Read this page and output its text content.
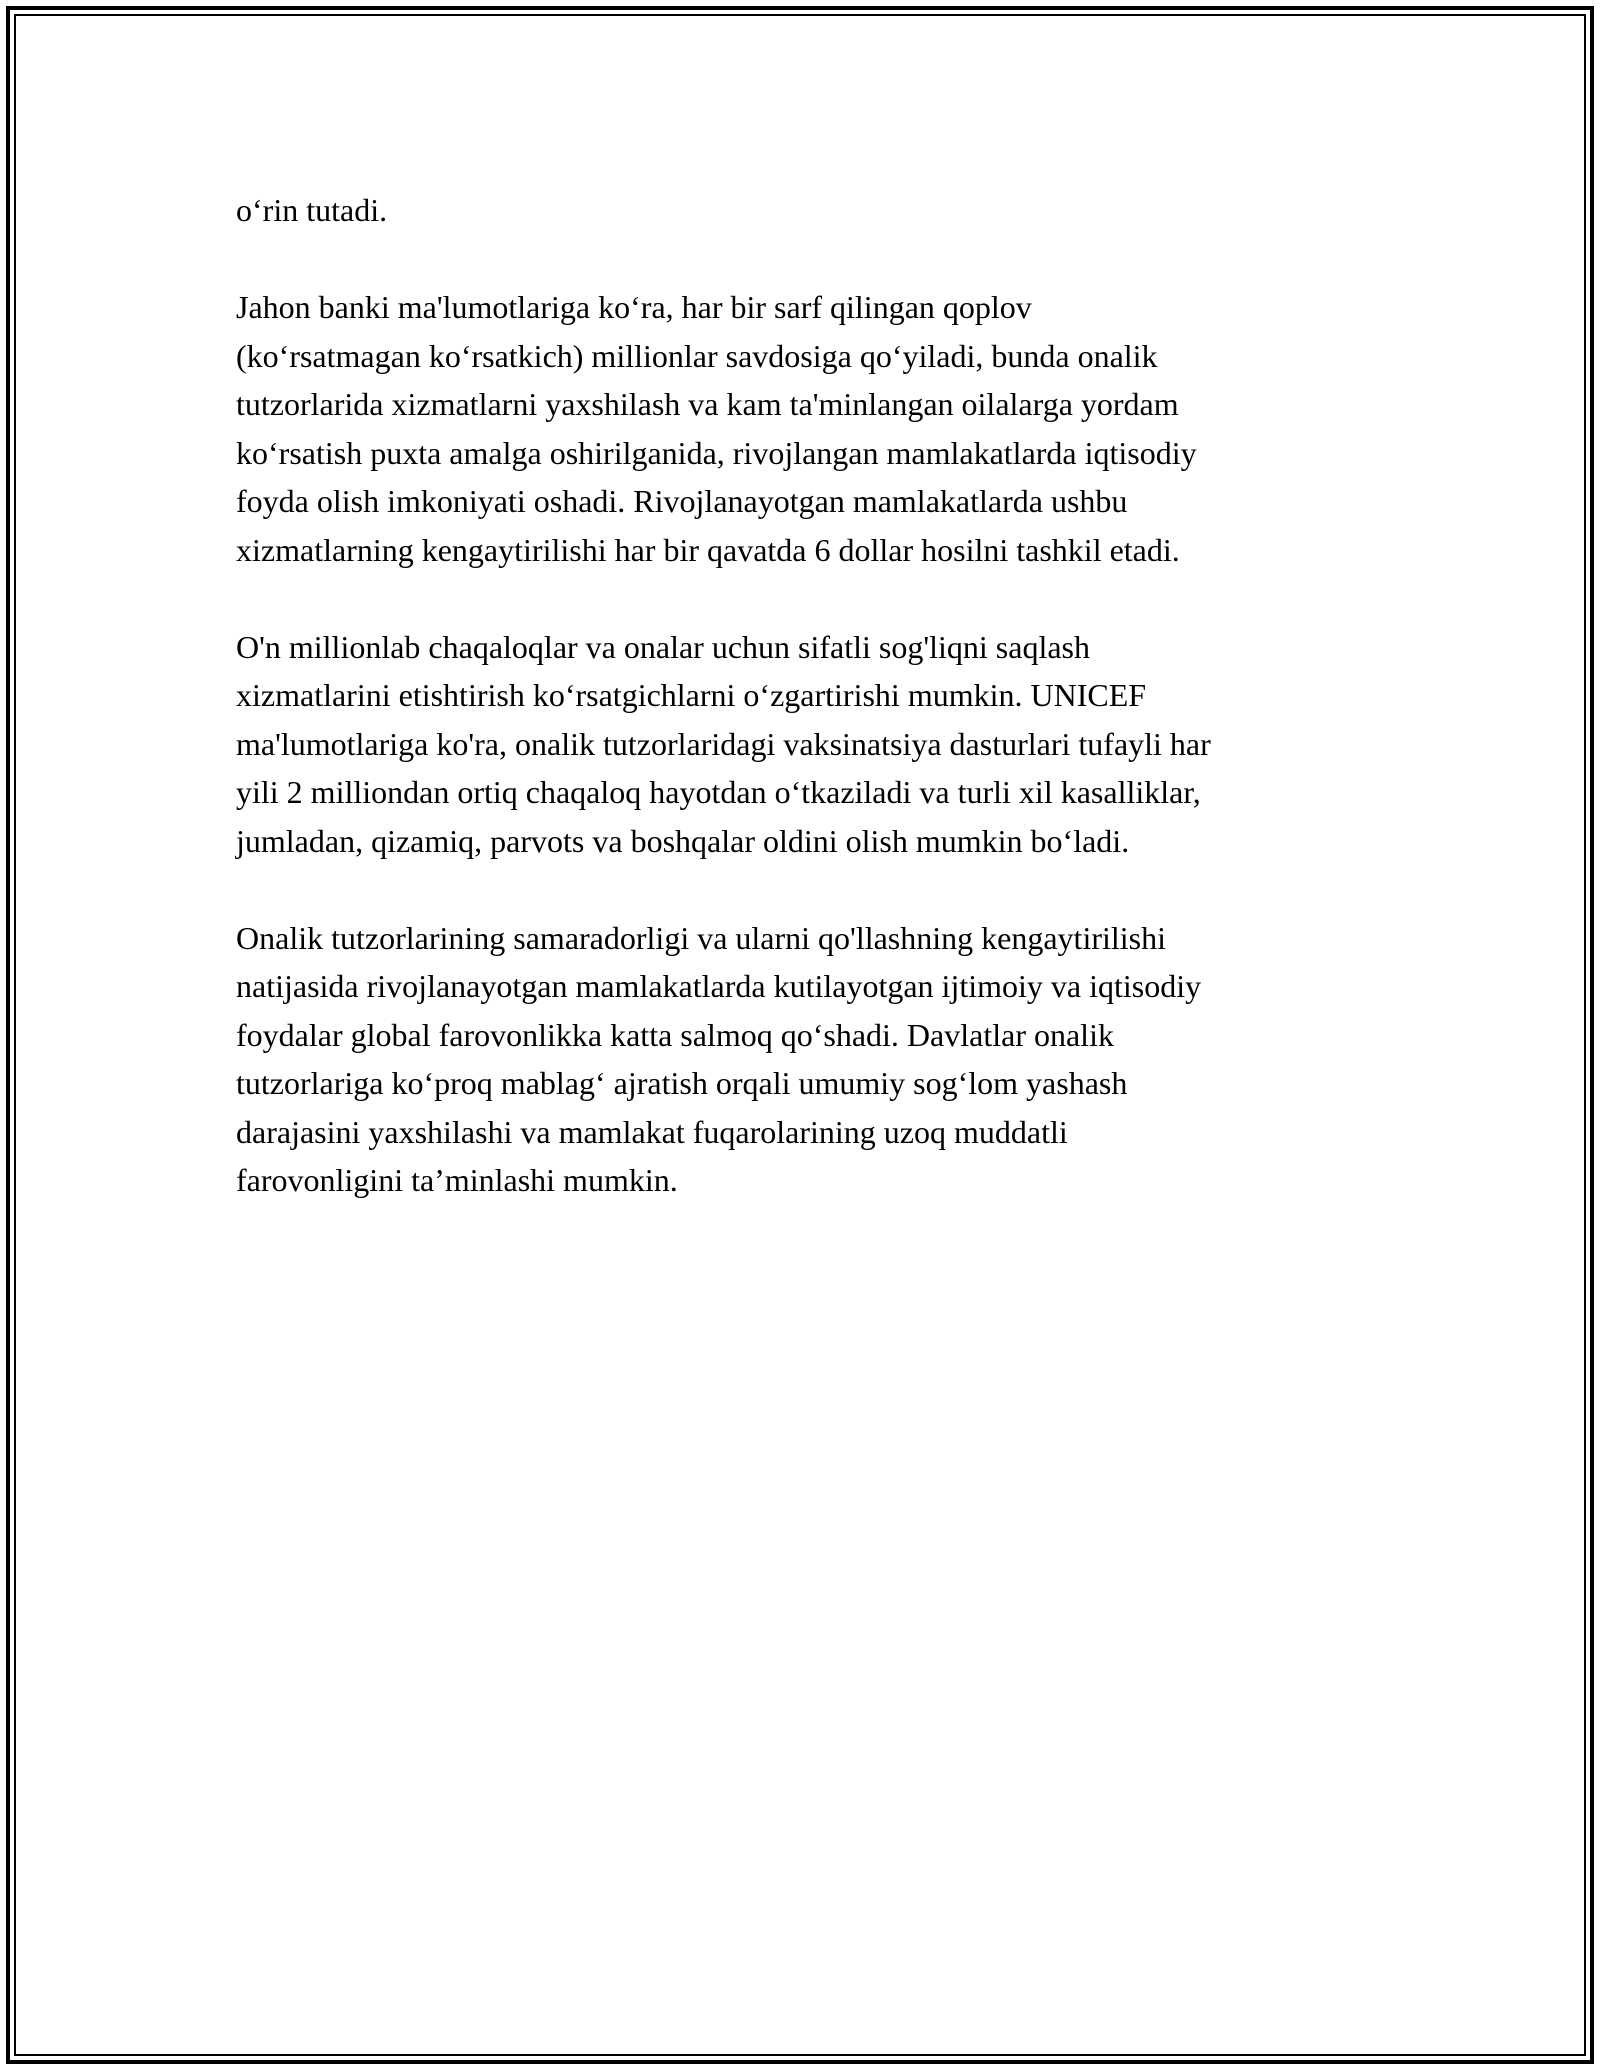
o‘rin tutadi.

Jahon banki ma'lumotlariga ko‘ra, har bir sarf qilingan qoplov
(ko‘rsatmagan ko‘rsatkich) millionlar savdosiga qo‘yiladi, bunda onalik
tutzorlarida xizmatlarni yaxshilash va kam ta'minlangan oilalarga yordam
ko‘rsatish puxta amalga oshirilganida, rivojlangan mamlakatlarda iqtisodiy
foyda olish imkoniyati oshadi. Rivojlanayotgan mamlakatlarda ushbu
xizmatlarning kengaytirilishi har bir qavatda 6 dollar hosilni tashkil etadi.

O'n millionlab chaqaloqlar va onalar uchun sifatli sog'liqni saqlash
xizmatlarini etishtirish ko‘rsatgichlarni o‘zgartirishi mumkin. UNICEF
ma'lumotlariga ko'ra, onalik tutzorlaridagi vaksinatsiya dasturlari tufayli har
yili 2 milliondan ortiq chaqaloq hayotdan o‘tkaziladi va turli xil kasalliklar,
jumladan, qizamiq, parvots va boshqalar oldini olish mumkin bo‘ladi.

Onalik tutzorlarining samaradorligi va ularni qo'llashning kengaytirilishi
natijasida rivojlanayotgan mamlakatlarda kutilayotgan ijtimoiy va iqtisodiy
foydalar global farovonlikka katta salmoq qo‘shadi. Davlatlar onalik
tutzorlariga ko‘proq mablag‘ ajratish orqali umumiy sog‘lom yashash
darajasini yaxshilashi va mamlakat fuqarolarining uzoq muddatli
farovonligini ta’minlashi mumkin.
